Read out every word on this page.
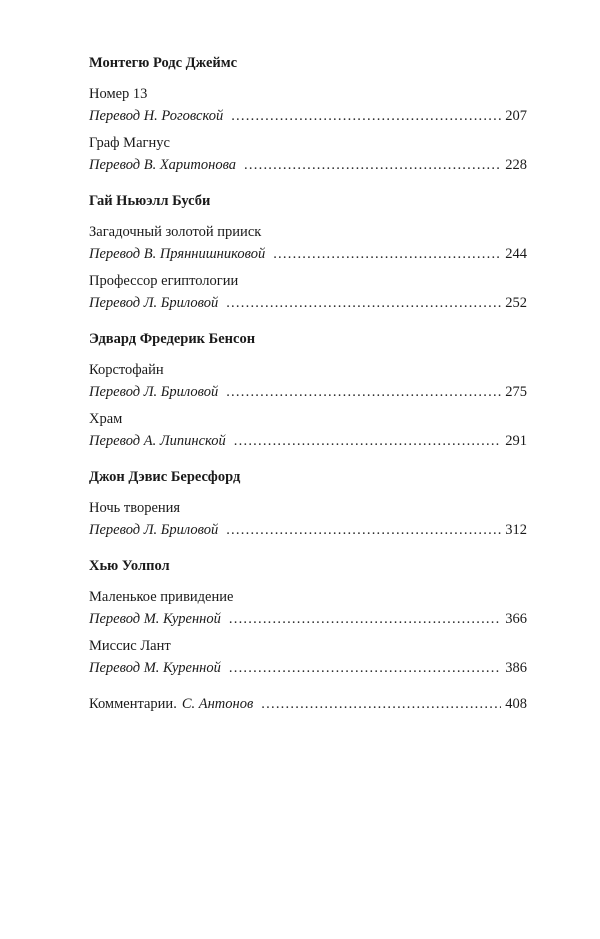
Монтегю Родс Джеймс
Номер 13
Перевод Н. Роговской . . .	207
Граф Магнус
Перевод В. Харитонова . . .	228
Гай Ньюэлл Бусби
Загадочный золотой прииск
Перевод В. Пряннишниковой . . .	244
Профессор египтологии
Перевод Л. Бриловой . . .	252
Эдвард Фредерик Бенсон
Корстофайн
Перевод Л. Бриловой . . .	275
Храм
Перевод А. Липинской . . .	291
Джон Дэвис Бересфорд
Ночь творения
Перевод Л. Бриловой . . .	312
Хью Уолпол
Маленькое привидение
Перевод М. Куренной . . .	366
Миссис Лант
Перевод М. Куренной . . .	386
Комментарии. С. Антонов . . .	408
